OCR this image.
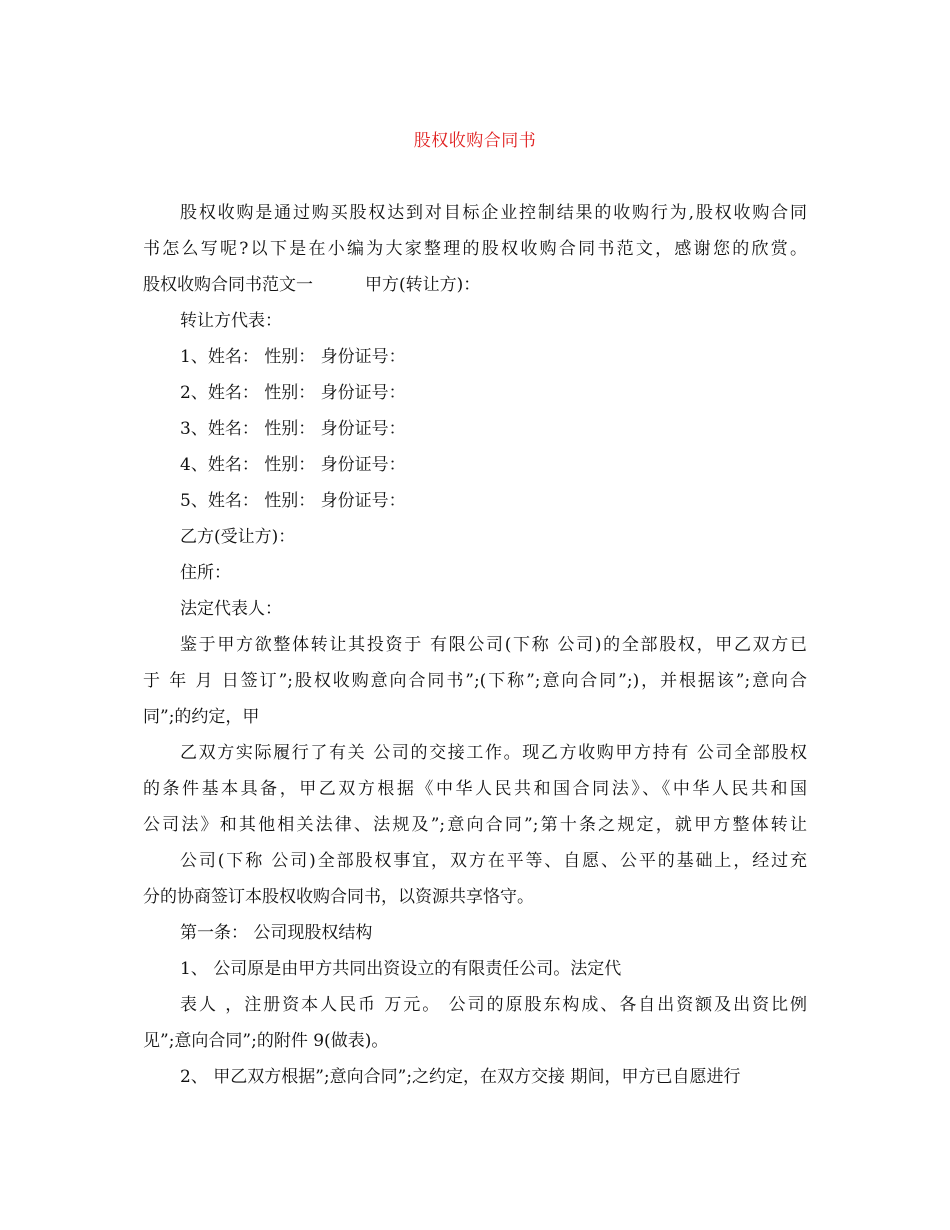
股权收购合同书
股权收购是通过购买股权达到对目标企业控制结果的收购行为,股权收购合同
书怎么写呢?以下是在小编为大家整理的股权收购合同书范文，感谢您的欣赏。
股权收购合同书范文一	甲方(转让方)：
转让方代表：
1、姓名： 性别： 身份证号：
2、姓名： 性别： 身份证号：
3、姓名： 性别： 身份证号：
4、姓名： 性别： 身份证号：
5、姓名： 性别： 身份证号：
乙方(受让方)：
住所：
法定代表人：
鉴于甲方欲整体转让其投资于 有限公司(下称 公司)的全部股权，甲乙双方已
于 年 月 日签订”;股权收购意向合同书”;(下称”;意向合同”;)，并根据该”;意向合
同”;的约定，甲
乙双方实际履行了有关 公司的交接工作。现乙方收购甲方持有 公司全部股权
的条件基本具备，甲乙双方根据《中华人民共和国合同法》、《中华人民共和国
公司法》和其他相关法律、法规及”;意向合同”;第十条之规定，就甲方整体转让
公司(下称 公司)全部股权事宜，双方在平等、自愿、公平的基础上，经过充
分的协商签订本股权收购合同书，以资源共享恪守。
第一条： 公司现股权结构
1、 公司原是由甲方共同出资设立的有限责任公司。法定代
表人 ，注册资本人民币 万元。 公司的原股东构成、各自出资额及出资比例
见”;意向合同”;的附件 9(做表)。
2、 甲乙双方根据”;意向合同”;之约定，在双方交接 期间，甲方已自愿进行
